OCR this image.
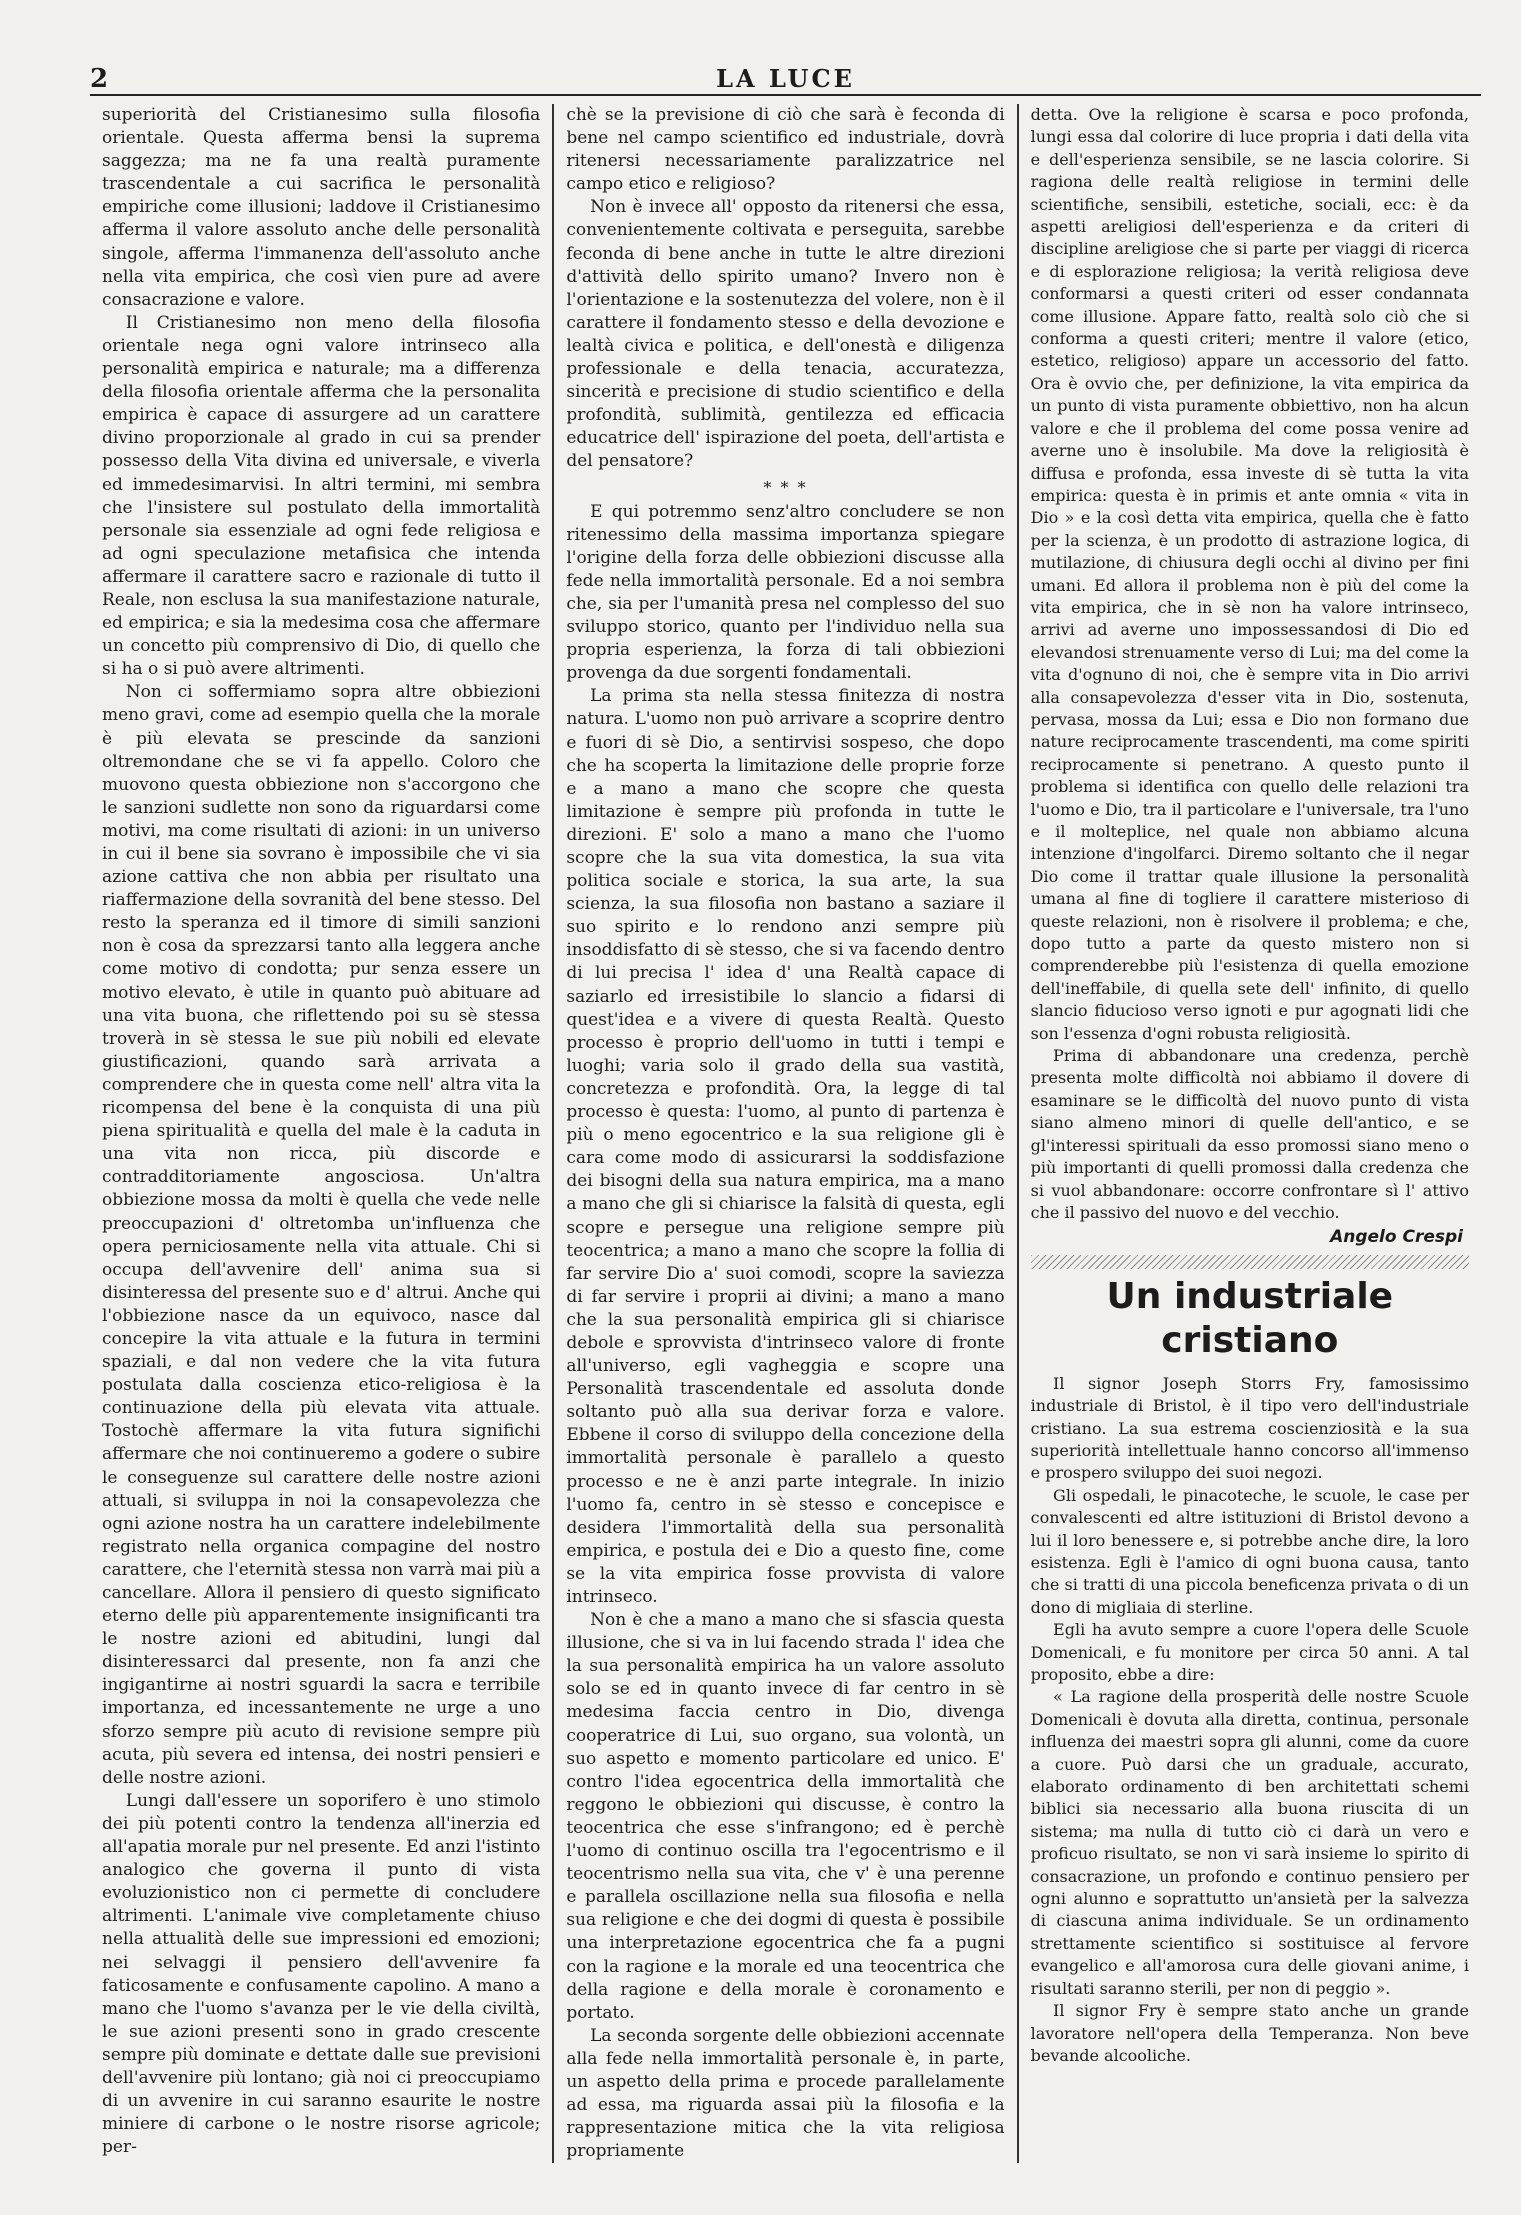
2	LA LUCE

superiorità del Cristianesimo sulla filosofia orientale. Questa afferma bensi la suprema saggezza; ma ne fa una realtà puramente trascendentale a cui sacrifica le personalità empiriche come illusioni; laddove il Cristianesimo afferma il valore assoluto anche delle personalità singole, afferma l'immanenza dell'assoluto anche nella vita empirica, che così vien pure ad avere consacrazione e valore.

Il Cristianesimo non meno della filosofia orientale nega ogni valore intrinseco alla personalità empirica e naturale; ma a differenza della filosofia orientale afferma che la personalita empirica è capace di assurgere ad un carattere divino proporzionale al grado in cui sa prender possesso della Vita divina ed universale, e viverla ed immedesimarvisi. In altri termini, mi sembra che l'insistere sul postulato della immortalità personale sia essenziale ad ogni fede religiosa e ad ogni speculazione metafisica che intenda affermare il carattere sacro e razionale di tutto il Reale, non esclusa la sua manifestazione naturale, ed empirica; e sia la medesima cosa che affermare un concetto più comprensivo di Dio, di quello che si ha o si può avere altrimenti.

Non ci soffermiamo sopra altre obbiezioni meno gravi, come ad esempio quella che la morale è più elevata se prescinde da sanzioni oltremondane che se vi fa appello. Coloro che muovono questa obbiezione non s'accorgono che le sanzioni sudlette non sono da riguardarsi come motivi, ma come risultati di azioni: in un universo in cui il bene sia sovrano è impossibile che vi sia azione cattiva che non abbia per risultato una riaffermazione della sovranità del bene stesso. Del resto la speranza ed il timore di simili sanzioni non è cosa da sprezzarsi tanto alla leggera anche come motivo di condotta; pur senza essere un motivo elevato, è utile in quanto può abituare ad una vita buona, che riflettendo poi su sè stessa troverà in sè stessa le sue più nobili ed elevate giustificazioni, quando sarà arrivata a comprendere che in questa come nell' altra vita la ricompensa del bene è la conquista di una più piena spiritualità e quella del male è la caduta in una vita non ricca, più discorde e contradditoriamente angosciosa. Un'altra obbiezione mossa da molti è quella che vede nelle preoccupazioni d' oltretomba un'influenza che opera perniciosamente nella vita attuale. Chi si occupa dell'avvenire dell' anima sua si disinteressa del presente suo e d' altrui. Anche qui l'obbiezione nasce da un equivoco, nasce dal concepire la vita attuale e la futura in termini spaziali, e dal non vedere che la vita futura postulata dalla coscienza etico-religiosa è la continuazione della più elevata vita attuale. Tostochè affermare la vita futura significhi affermare che noi continueremo a godere o subire le conseguenze sul carattere delle nostre azioni attuali, si sviluppa in noi la consapevolezza che ogni azione nostra ha un carattere indelebilmente registrato nella organica compagine del nostro carattere, che l'eternità stessa non varrà mai più a cancellare. Allora il pensiero di questo significato eterno delle più apparentemente insignificanti tra le nostre azioni ed abitudini, lungi dal disinteressarci dal presente, non fa anzi che ingigantirne ai nostri sguardi la sacra e terribile importanza, ed incessantemente ne urge a uno sforzo sempre più acuto di revisione sempre più acuta, più severa ed intensa, dei nostri pensieri e delle nostre azioni.

Lungi dall'essere un soporifero è uno stimolo dei più potenti contro la tendenza all'inerzia ed all'apatia morale pur nel presente. Ed anzi l'istinto analogico che governa il punto di vista evoluzionistico non ci permette di concludere altrimenti. L'animale vive completamente chiuso nella attualità delle sue impressioni ed emozioni; nei selvaggi il pensiero dell'avvenire fa faticosamente e confusamente capolino. A mano a mano che l'uomo s'avanza per le vie della civiltà, le sue azioni presenti sono in grado crescente sempre più dominate e dettate dalle sue previsioni dell'avvenire più lontano; già noi ci preoccupiamo di un avvenire in cui saranno esaurite le nostre miniere di carbone o le nostre risorse agricole; per-

chè se la previsione di ciò che sarà è feconda di bene nel campo scientifico ed industriale, dovrà ritenersi necessariamente paralizzatrice nel campo etico e religioso?

Non è invece all' opposto da ritenersi che essa, convenientemente coltivata e perseguita, sarebbe feconda di bene anche in tutte le altre direzioni d'attività dello spirito umano? Invero non è l'orientazione e la sostenutezza del volere, non è il carattere il fondamento stesso e della devozione e lealtà civica e politica, e dell'onestà e diligenza professionale e della tenacia, accuratezza, sincerità e precisione di studio scientifico e della profondità, sublimità, gentilezza ed efficacia educatrice dell' ispirazione del poeta, dell'artista e del pensatore?

* * *

E qui potremmo senz'altro concludere se non ritenessimo della massima importanza spiegare l'origine della forza delle obbiezioni discusse alla fede nella immortalità personale. Ed a noi sembra che, sia per l'umanità presa nel complesso del suo sviluppo storico, quanto per l'individuo nella sua propria esperienza, la forza di tali obbiezioni provenga da due sorgenti fondamentali.

La prima sta nella stessa finitezza di nostra natura. L'uomo non può arrivare a scoprire dentro e fuori di sè Dio, a sentirvisi sospeso, che dopo che ha scoperta la limitazione delle proprie forze e a mano a mano che scopre che questa limitazione è sempre più profonda in tutte le direzioni. E' solo a mano a mano che l'uomo scopre che la sua vita domestica, la sua vita politica sociale e storica, la sua arte, la sua scienza, la sua filosofia non bastano a saziare il suo spirito e lo rendono anzi sempre più insoddisfatto di sè stesso, che si va facendo dentro di lui precisa l' idea d' una Realtà capace di saziarlo ed irresistibile lo slancio a fidarsi di quest'idea e a vivere di questa Realtà. Questo processo è proprio dell'uomo in tutti i tempi e luoghi; varia solo il grado della sua vastità, concretezza e profondità. Ora, la legge di tal processo è questa: l'uomo, al punto di partenza è più o meno egocentrico e la sua religione gli è cara come modo di assicurarsi la soddisfazione dei bisogni della sua natura empirica, ma a mano a mano che gli si chiarisce la falsità di questa, egli scopre e persegue una religione sempre più teocentrica; a mano a mano che scopre la follia di far servire Dio a' suoi comodi, scopre la saviezza di far servire i proprii ai divini; a mano a mano che la sua personalità empirica gli si chiarisce debole e sprovvista d'intrinseco valore di fronte all'universo, egli vagheggia e scopre una Personalità trascendentale ed assoluta donde soltanto può alla sua derivar forza e valore. Ebbene il corso di sviluppo della concezione della immortalità personale è parallelo a questo processo e ne è anzi parte integrale. In inizio l'uomo fa, centro in sè stesso e concepisce e desidera l'immortalità della sua personalità empirica, e postula dei e Dio a questo fine, come se la vita empirica fosse provvista di valore intrinseco.

Non è che a mano a mano che si sfascia questa illusione, che si va in lui facendo strada l' idea che la sua personalità empirica ha un valore assoluto solo se ed in quanto invece di far centro in sè medesima faccia centro in Dio, divenga cooperatrice di Lui, suo organo, sua volontà, un suo aspetto e momento particolare ed unico. E' contro l'idea egocentrica della immortalità che reggono le obbiezioni qui discusse, è contro la teocentrica che esse s'infrangono; ed è perchè l'uomo di continuo oscilla tra l'egocentrismo e il teocentrismo nella sua vita, che v' è una perenne e parallela oscillazione nella sua filosofia e nella sua religione e che dei dogmi di questa è possibile una interpretazione egocentrica che fa a pugni con la ragione e la morale ed una teocentrica che della ragione e della morale è coronamento e portato.

La seconda sorgente delle obbiezioni accennate alla fede nella immortalità personale è, in parte, un aspetto della prima e procede parallelamente ad essa, ma riguarda assai più la filosofia e la rappresentazione mitica che la vita religiosa propriamente

detta. Ove la religione è scarsa e poco profonda, lungi essa dal colorire di luce propria i dati della vita e dell'esperienza sensibile, se ne lascia colorire. Si ragiona delle realtà religiose in termini delle scientifiche, sensibili, estetiche, sociali, ecc: è da aspetti areligiosi dell'esperienza e da criteri di discipline areligiose che si parte per viaggi di ricerca e di esplorazione religiosa; la verità religiosa deve conformarsi a questi criteri od esser condannata come illusione. Appare fatto, realtà solo ciò che si conforma a questi criteri; mentre il valore (etico, estetico, religioso) appare un accessorio del fatto. Ora è ovvio che, per definizione, la vita empirica da un punto di vista puramente obbiettivo, non ha alcun valore e che il problema del come possa venire ad averne uno è insolubile. Ma dove la religiosità è diffusa e profonda, essa investe di sè tutta la vita empirica: questa è in primis et ante omnia « vita in Dio » e la così detta vita empirica, quella che è fatto per la scienza, è un prodotto di astrazione logica, di mutilazione, di chiusura degli occhi al divino per fini umani. Ed allora il problema non è più del come la vita empirica, che in sè non ha valore intrinseco, arrivi ad averne uno impossessandosi di Dio ed elevandosi strenuamente verso di Lui; ma del come la vita d'ognuno di noi, che è sempre vita in Dio arrivi alla consapevolezza d'esser vita in Dio, sostenuta, pervasa, mossa da Lui; essa e Dio non formano due nature reciprocamente trascendenti, ma come spiriti reciprocamente si penetrano. A questo punto il problema si identifica con quello delle relazioni tra l'uomo e Dio, tra il particolare e l'universale, tra l'uno e il molteplice, nel quale non abbiamo alcuna intenzione d'ingolfarci. Diremo soltanto che il negar Dio come il trattar quale illusione la personalità umana al fine di togliere il carattere misterioso di queste relazioni, non è risolvere il problema; e che, dopo tutto a parte da questo mistero non si comprenderebbe più l'esistenza di quella emozione dell'ineffabile, di quella sete dell' infinito, di quello slancio fiducioso verso ignoti e pur agognati lidi che son l'essenza d'ogni robusta religiosità.

Prima di abbandonare una credenza, perchè presenta molte difficoltà noi abbiamo il dovere di esaminare se le difficoltà del nuovo punto di vista siano almeno minori di quelle dell'antico, e se gl'interessi spirituali da esso promossi siano meno o più importanti di quelli promossi dalla credenza che si vuol abbandonare: occorre confrontare sì l' attivo che il passivo del nuovo e del vecchio.

Angelo Crespi
Un industriale cristiano

Il signor Joseph Storrs Fry, famosissimo industriale di Bristol, è il tipo vero dell'industriale cristiano. La sua estrema coscienziosità e la sua superiorità intellettuale hanno concorso all'immenso e prospero sviluppo dei suoi negozi.

Gli ospedali, le pinacoteche, le scuole, le case per convalescenti ed altre istituzioni di Bristol devono a lui il loro benessere e, si potrebbe anche dire, la loro esistenza. Egli è l'amico di ogni buona causa, tanto che si tratti di una piccola beneficenza privata o di un dono di migliaia di sterline.

Egli ha avuto sempre a cuore l'opera delle Scuole Domenicali, e fu monitore per circa 50 anni. A tal proposito, ebbe a dire:

« La ragione della prosperità delle nostre Scuole Domenicali è dovuta alla diretta, continua, personale influenza dei maestri sopra gli alunni, come da cuore a cuore. Può darsi che un graduale, accurato, elaborato ordinamento di ben architettati schemi biblici sia necessario alla buona riuscita di un sistema; ma nulla di tutto ciò ci darà un vero e proficuo risultato, se non vi sarà insieme lo spirito di consacrazione, un profondo e continuo pensiero per ogni alunno e soprattutto un'ansietà per la salvezza di ciascuna anima individuale. Se un ordinamento strettamente scientifico si sostituisce al fervore evangelico e all'amorosa cura delle giovani anime, i risultati saranno sterili, per non di peggio ».

Il signor Fry è sempre stato anche un grande lavoratore nell'opera della Temperanza. Non beve bevande alcooliche.
